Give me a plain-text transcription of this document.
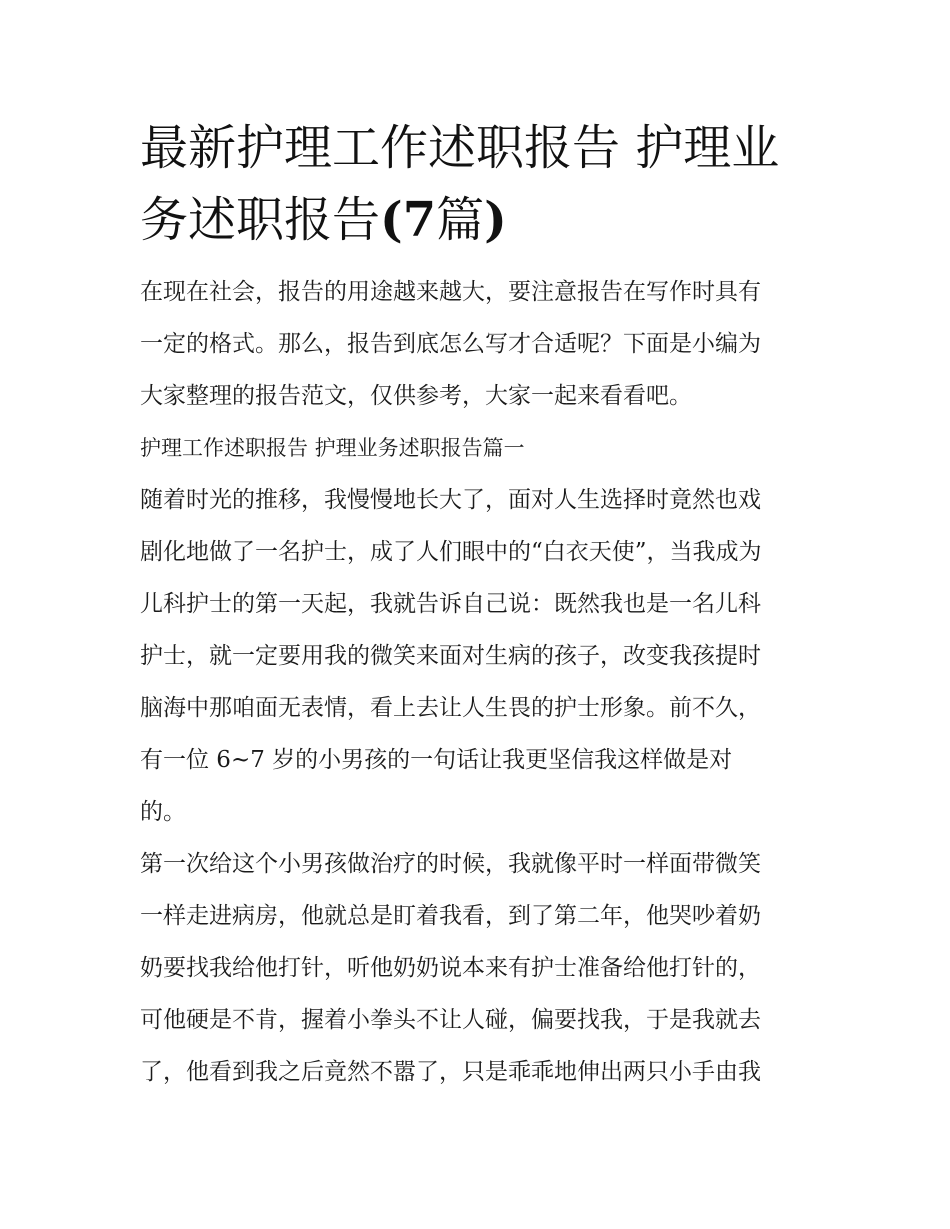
最新护理工作述职报告 护理业
务述职报告(7篇)
在现在社会，报告的用途越来越大，要注意报告在写作时具有
一定的格式。那么，报告到底怎么写才合适呢？下面是小编为
大家整理的报告范文，仅供参考，大家一起来看看吧。
护理工作述职报告 护理业务述职报告篇一
随着时光的推移，我慢慢地长大了，面对人生选择时竟然也戏
剧化地做了一名护士，成了人们眼中的“白衣天使”，当我成为
儿科护士的第一天起，我就告诉自己说：既然我也是一名儿科
护士，就一定要用我的微笑来面对生病的孩子，改变我孩提时
脑海中那咱面无表情，看上去让人生畏的护士形象。前不久，
有一位 6~7 岁的小男孩的一句话让我更坚信我这样做是对
的。
第一次给这个小男孩做治疗的时候，我就像平时一样面带微笑
一样走进病房，他就总是盯着我看，到了第二年，他哭吵着奶
奶要找我给他打针，听他奶奶说本来有护士准备给他打针的，
可他硬是不肯，握着小拳头不让人碰，偏要找我，于是我就去
了，他看到我之后竟然不嚣了，只是乖乖地伸出两只小手由我
